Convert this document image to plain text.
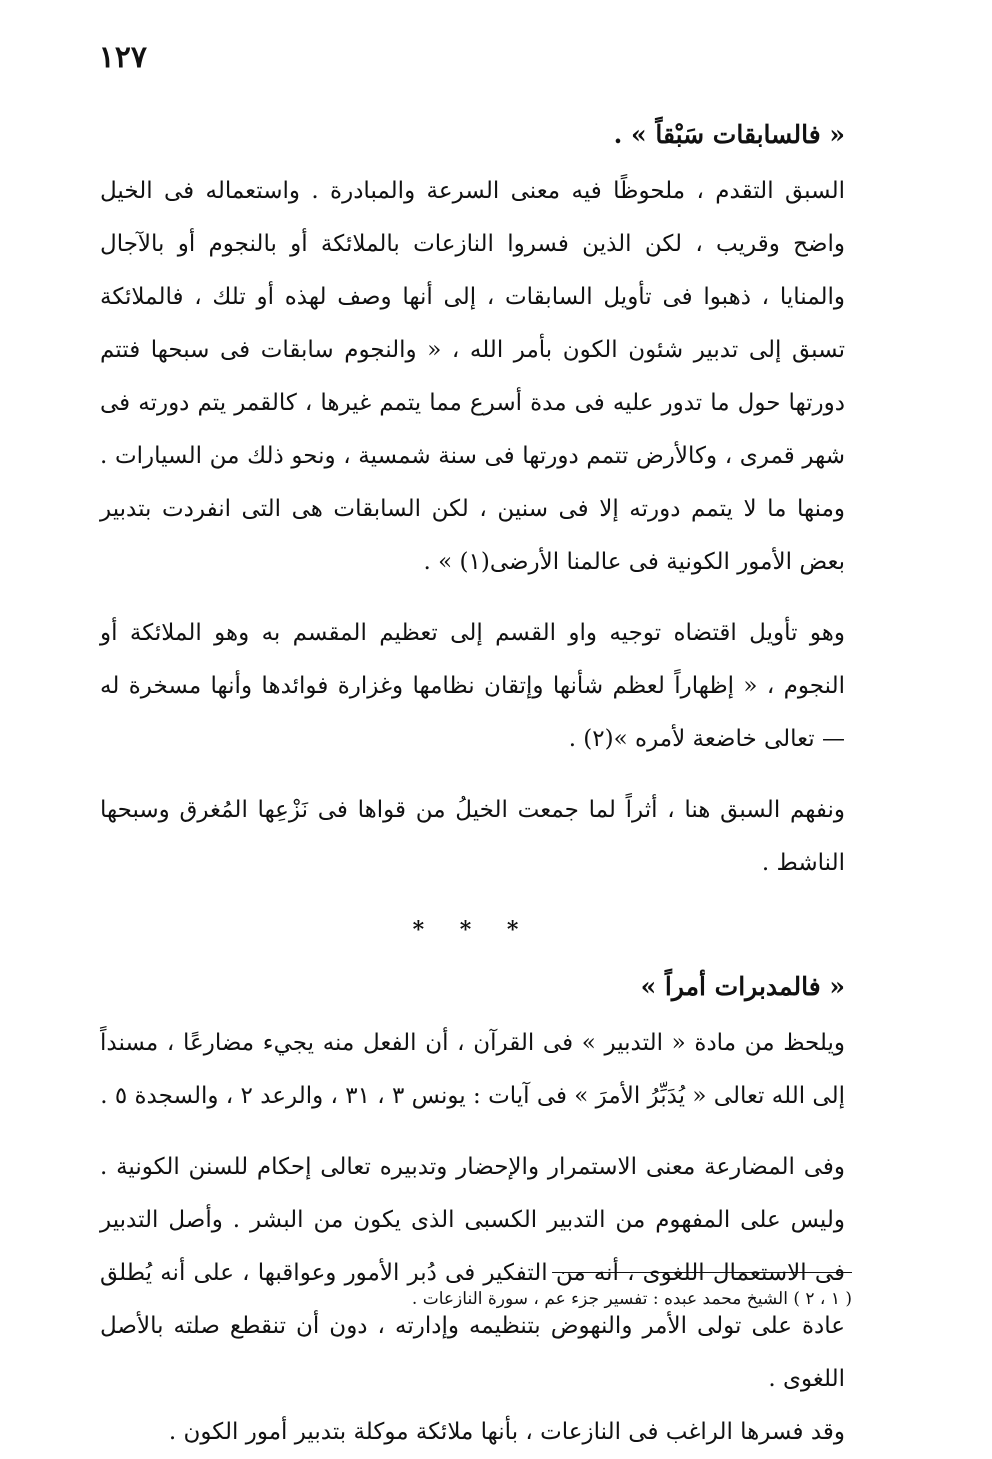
١٢٧

« فالسابقات سَبْقاً » .

السبق التقدم ، ملحوظًا فيه معنى السرعة والمبادرة . واستعماله فى الخيل واضح وقريب ، لكن الذين فسروا النازعات بالملائكة أو بالنجوم أو بالآجال والمنايا ، ذهبوا فى تأويل السابقات ، إلى أنها وصف لهذه أو تلك ، فالملائكة تسبق إلى تدبير شئون الكون بأمر الله ، « والنجوم سابقات فى سبحها فتتم دورتها حول ما تدور عليه فى مدة أسرع مما يتمم غيرها ، كالقمر يتم دورته فى شهر قمرى ، وكالأرض تتمم دورتها فى سنة شمسية ، ونحو ذلك من السيارات . ومنها ما لا يتمم دورته إلا فى سنين ، لكن السابقات هى التى انفردت بتدبير بعض الأمور الكونية فى عالمنا الأرضى(١) » .

وهو تأويل اقتضاه توجيه واو القسم إلى تعظيم المقسم به وهو الملائكة أو النجوم ، « إظهاراً لعظم شأنها وإتقان نظامها وغزارة فوائدها وأنها مسخرة له — تعالى خاضعة لأمره »(٢) .

ونفهم السبق هنا ، أثراً لما جمعت الخيلُ من قواها فى نَزْعِها المُغرق وسبحها الناشط .

* * *

« فالمدبرات أمراً »

ويلحظ من مادة « التدبير » فى القرآن ، أن الفعل منه يجيء مضارعًا ، مسنداً إلى الله تعالى « يُدَبِّرُ الأمرَ » فى آيات : يونس ٣ ، ٣١ ، والرعد ٢ ، والسجدة ٥ .

وفى المضارعة معنى الاستمرار والإحضار وتدبيره تعالى إحكام للسنن الكونية . وليس على المفهوم من التدبير الكسبى الذى يكون من البشر . وأصل التدبير فى الاستعمال اللغوى ، أنه من التفكير فى دُبر الأمور وعواقبها ، على أنه يُطلق عادة على تولى الأمر والنهوض بتنظيمه وإدارته ، دون أن تنقطع صلته بالأصل اللغوى .

وقد فسرها الراغب فى النازعات ، بأنها ملائكة موكلة بتدبير أمور الكون .

( ١ ، ٢ ) الشيخ محمد عبده : تفسير جزء عم ، سورة النازعات .
